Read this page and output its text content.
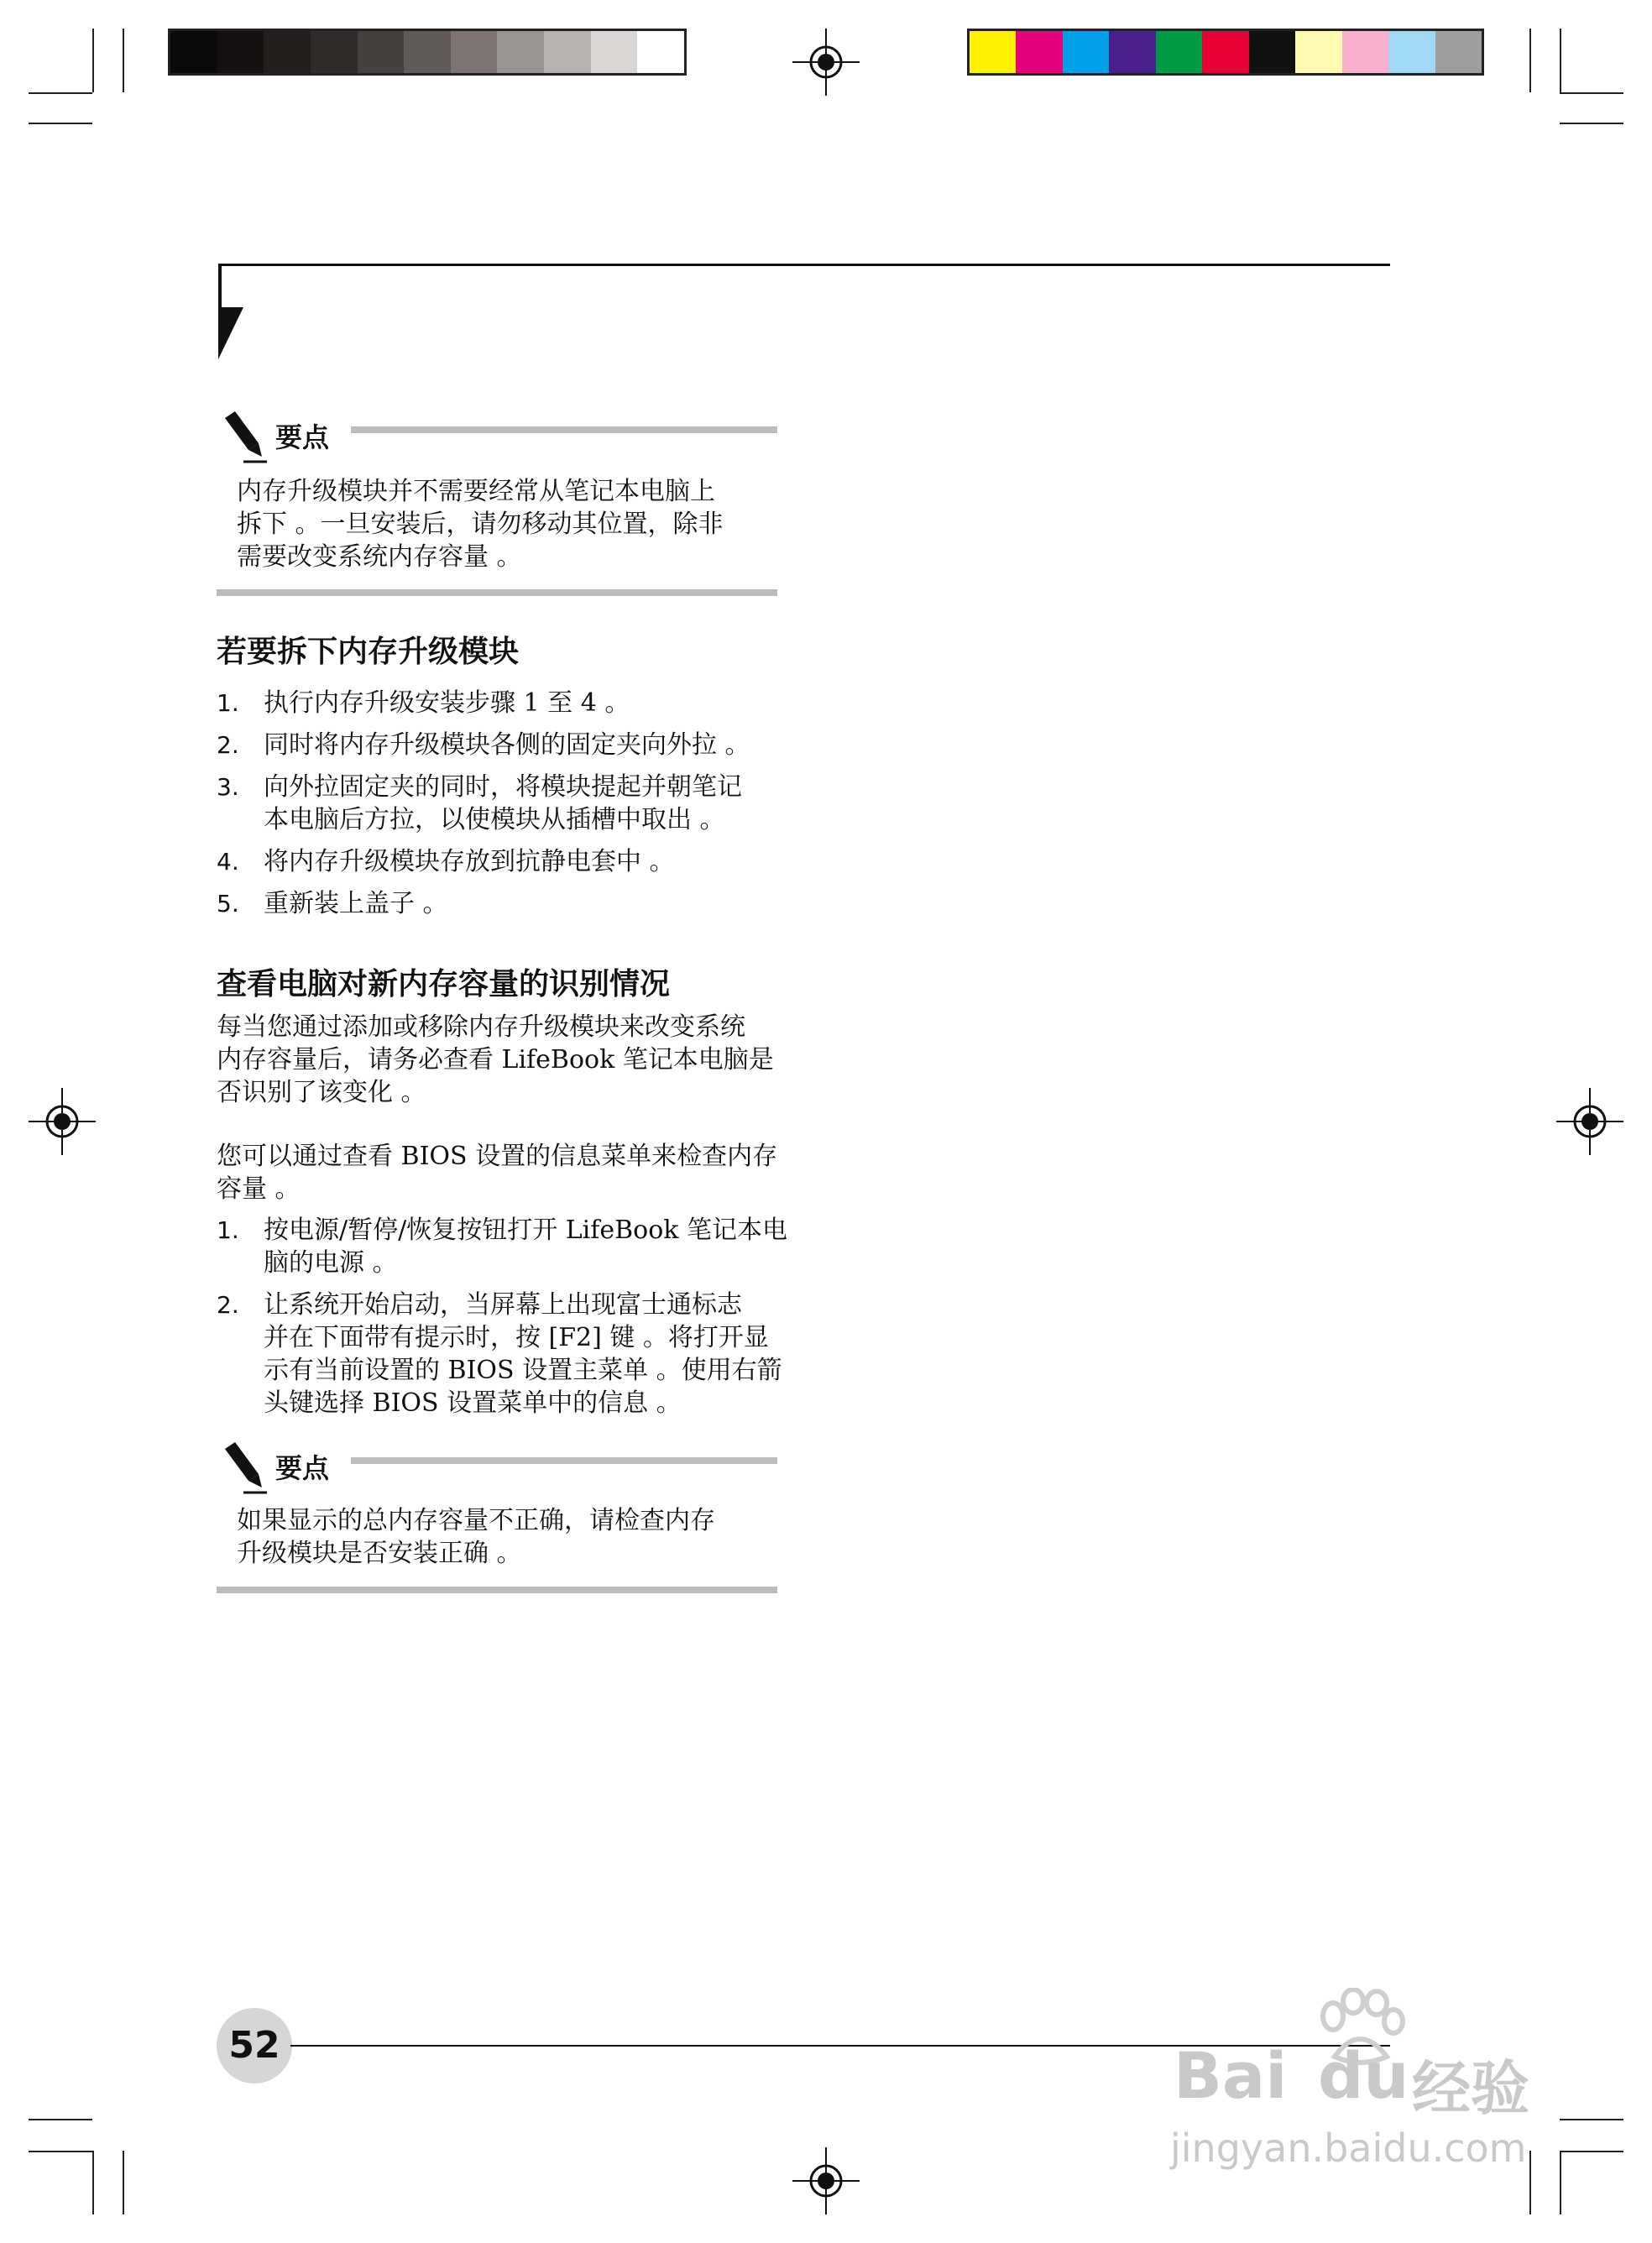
要点
内存升级模块并不需要经常从笔记本电脑上
拆下 。一旦安装后，请勿移动其位置，除非
需要改变系统内存容量 。
若要拆下内存升级模块
1. 执行内存升级安装步骤 1 至 4 。
2. 同时将内存升级模块各侧的固定夹向外拉 。
3. 向外拉固定夹的同时，将模块提起并朝笔记
本电脑后方拉，以使模块从插槽中取出 。
4. 将内存升级模块存放到抗静电套中 。
5. 重新装上盖子 。
查看电脑对新内存容量的识别情况
每当您通过添加或移除内存升级模块来改变系统
内存容量后，请务必查看 LifeBook 笔记本电脑是
否识别了该变化 。
您可以通过查看 BIOS 设置的信息菜单来检查内存
容量 。
1. 按电源/暂停/恢复按钮打开 LifeBook 笔记本电
脑的电源 。
2. 让系统开始启动，当屏幕上出现富士通标志
并在下面带有提示时，按 [F2] 键 。将打开显
示有当前设置的 BIOS 设置主菜单 。使用右箭
头键选择 BIOS 设置菜单中的信息 。
要点
如果显示的总内存容量不正确，请检查内存
升级模块是否安装正确 。
52	Bai du 经验
jingyan.baidu.com
